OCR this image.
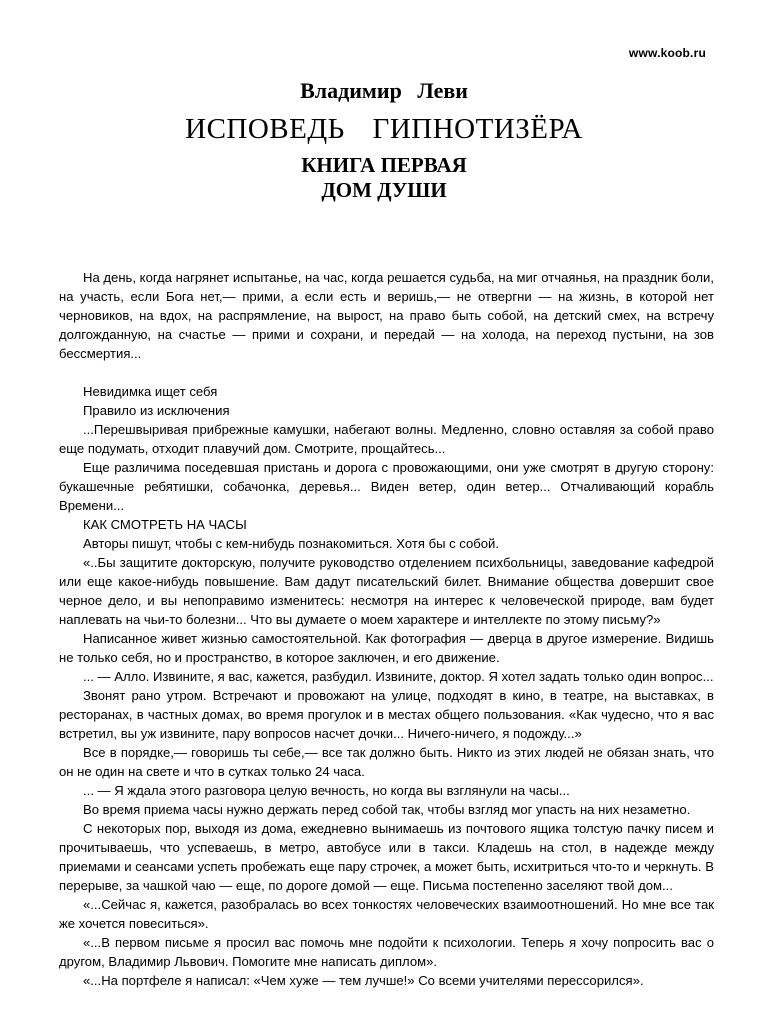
www.koob.ru
Владимир Леви
ИСПОВЕДЬ ГИПНОТИЗЁРА
КНИГА ПЕРВАЯ
ДОМ ДУШИ

На день, когда нагрянет испытанье, на час, когда решается судьба, на миг отчаянья, на праздник боли, на участь, если Бога нет,— прими, а если есть и веришь,— не отвергни — на жизнь, в которой нет черновиков, на вдох, на распрямление, на вырост, на право быть собой, на детский смех, на встречу долгожданную, на счастье — прими и сохрани, и передай — на холода, на переход пустыни, на зов бессмертия...

Невидимка ищет себя

Правило из исключения

...Перешвыривая прибрежные камушки, набегают волны. Медленно, словно оставляя за собой право еще подумать, отходит плавучий дом. Смотрите, прощайтесь...

Еще различима поседевшая пристань и дорога с провожающими, они уже смотрят в другую сторону: букашечные ребятишки, собачонка, деревья... Виден ветер, один ветер... Отчаливающий корабль Времени...

КАК СМОТРЕТЬ НА ЧАСЫ

Авторы пишут, чтобы с кем-нибудь познакомиться. Хотя бы с собой.

«..Бы защитите докторскую, получите руководство отделением психбольницы, заведование кафедрой или еще какое-нибудь повышение. Вам дадут писательский билет. Внимание общества довершит свое черное дело, и вы непоправимо изменитесь: несмотря на интерес к человеческой природе, вам будет наплевать на чьи-то болезни... Что вы думаете о моем характере и интеллекте по этому письму?»

Написанное живет жизнью самостоятельной. Как фотография — дверца в другое измерение. Видишь не только себя, но и пространство, в которое заключен, и его движение.

... — Алло. Извините, я вас, кажется, разбудил. Извините, доктор. Я хотел задать только один вопрос...

Звонят рано утром. Встречают и провожают на улице, подходят в кино, в театре, на выставках, в ресторанах, в частных домах, во время прогулок и в местах общего пользования. «Как чудесно, что я вас встретил, вы уж извините, пару вопросов насчет дочки... Ничего-ничего, я подожду...»

Все в порядке,— говоришь ты себе,— все так должно быть. Никто из этих людей не обязан знать, что он не один на свете и что в сутках только 24 часа.

... — Я ждала этого разговора целую вечность, но когда вы взглянули на часы...

Во время приема часы нужно держать перед собой так, чтобы взгляд мог упасть на них незаметно.

С некоторых пор, выходя из дома, ежедневно вынимаешь из почтового ящика толстую пачку писем и прочитываешь, что успеваешь, в метро, автобусе или в такси. Кладешь на стол, в надежде между приемами и сеансами успеть пробежать еще пару строчек, а может быть, исхитриться что-то и черкнуть. В перерыве, за чашкой чаю — еще, по дороге домой — еще. Письма постепенно заселяют твой дом...

«...Сейчас я, кажется, разобралась во всех тонкостях человеческих взаимоотношений. Но мне все так же хочется повеситься».

«...В первом письме я просил вас помочь мне подойти к психологии. Теперь я хочу попросить вас о другом, Владимир Львович. Помогите мне написать диплом».

«...На портфеле я написал: «Чем хуже — тем лучше!» Со всеми учителями перессорился».
